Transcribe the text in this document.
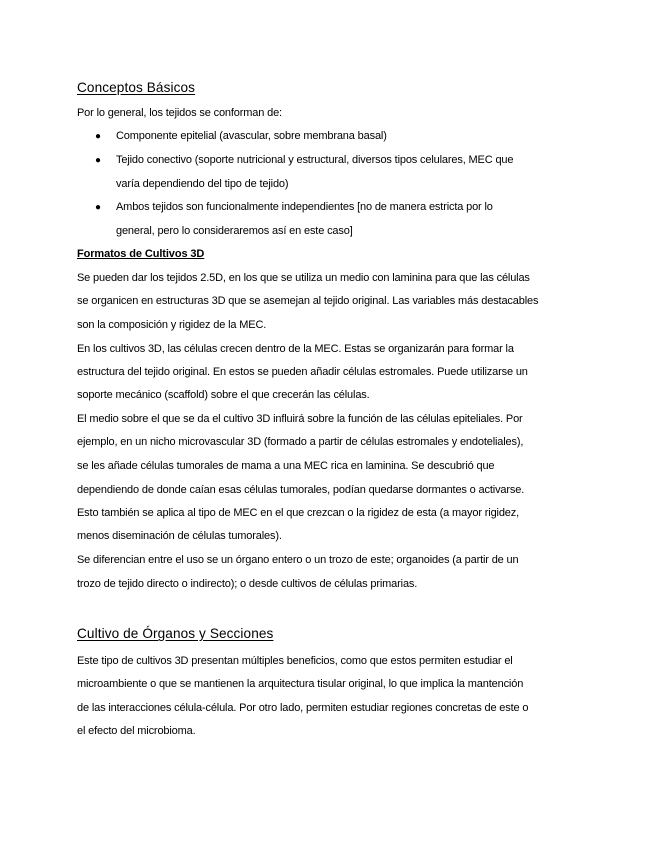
Conceptos Básicos
Por lo general, los tejidos se conforman de:
● Componente epitelial (avascular, sobre membrana basal)
● Tejido conectivo (soporte nutricional y estructural, diversos tipos celulares, MEC que
varía dependiendo del tipo de tejido)
● Ambos tejidos son funcionalmente independientes [no de manera estricta por lo
general, pero lo consideraremos así en este caso]
Formatos de Cultivos 3D
Se pueden dar los tejidos 2.5D, en los que se utiliza un medio con laminina para que las células
se organicen en estructuras 3D que se asemejan al tejido original. Las variables más destacables
son la composición y rigidez de la MEC.
En los cultivos 3D, las células crecen dentro de la MEC. Estas se organizarán para formar la
estructura del tejido original. En estos se pueden añadir células estromales. Puede utilizarse un
soporte mecánico (scaffold) sobre el que crecerán las células.
El medio sobre el que se da el cultivo 3D influirá sobre la función de las células epiteliales. Por
ejemplo, en un nicho microvascular 3D (formado a partir de células estromales y endoteliales),
se les añade células tumorales de mama a una MEC rica en laminina. Se descubrió que
dependiendo de donde caían esas células tumorales, podían quedarse dormantes o activarse.
Esto también se aplica al tipo de MEC en el que crezcan o la rigidez de esta (a mayor rigidez,
menos diseminación de células tumorales).
Se diferencian entre el uso se un órgano entero o un trozo de este; organoides (a partir de un
trozo de tejido directo o indirecto); o desde cultivos de células primarias.
Cultivo de Órganos y Secciones
Este tipo de cultivos 3D presentan múltiples beneficios, como que estos permiten estudiar el
microambiente o que se mantienen la arquitectura tisular original, lo que implica la mantención
de las interacciones célula-célula. Por otro lado, permiten estudiar regiones concretas de este o
el efecto del microbioma.
